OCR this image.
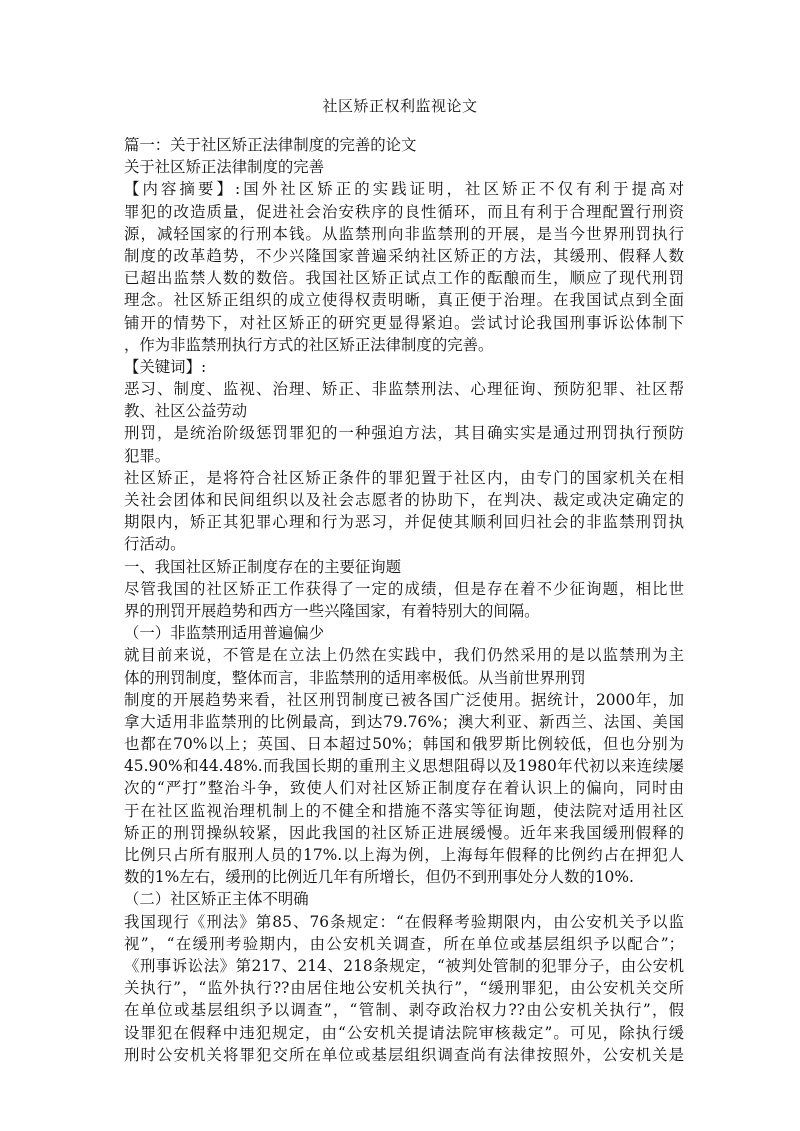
社区矫正权利监视论文
篇一：关于社区矫正法律制度的完善的论文
关于社区矫正法律制度的完善
【内容摘要】:国外社区矫正的实践证明，社区矫正不仅有利于提高对
罪犯的改造质量，促进社会治安秩序的良性循环，而且有利于合理配置行刑资
源，减轻国家的行刑本钱。从监禁刑向非监禁刑的开展，是当今世界刑罚执行
制度的改革趋势，不少兴隆国家普遍采纳社区矫正的方法，其缓刑、假释人数
已超出监禁人数的数倍。我国社区矫正试点工作的酝酿而生，顺应了现代刑罚
理念。社区矫正组织的成立使得权责明晰，真正便于治理。在我国试点到全面
铺开的情势下，对社区矫正的研究更显得紧迫。尝试讨论我国刑事诉讼体制下
，作为非监禁刑执行方式的社区矫正法律制度的完善。
【关键词】:
恶习、制度、监视、治理、矫正、非监禁刑法、心理征询、预防犯罪、社区帮
教、社区公益劳动
刑罚，是统治阶级惩罚罪犯的一种强迫方法，其目确实实是通过刑罚执行预防
犯罪。
社区矫正，是将符合社区矫正条件的罪犯置于社区内，由专门的国家机关在相
关社会团体和民间组织以及社会志愿者的协助下，在判决、裁定或决定确定的
期限内，矫正其犯罪心理和行为恶习，并促使其顺利回归社会的非监禁刑罚执
行活动。
一、我国社区矫正制度存在的主要征询题
尽管我国的社区矫正工作获得了一定的成绩，但是存在着不少征询题，相比世
界的刑罚开展趋势和西方一些兴隆国家，有着特别大的间隔。
（一）非监禁刑适用普遍偏少
就目前来说，不管是在立法上仍然在实践中，我们仍然采用的是以监禁刑为主
体的刑罚制度，整体而言，非监禁刑的适用率极低。从当前世界刑罚
制度的开展趋势来看，社区刑罚制度已被各国广泛使用。据统计，2000年，加
拿大适用非监禁刑的比例最高，到达79.76%；澳大利亚、新西兰、法国、美国
也都在70%以上；英国、日本超过50%；韩国和俄罗斯比例较低，但也分别为
45.90%和44.48%.而我国长期的重刑主义思想阻碍以及1980年代初以来连续屡
次的“严打”整治斗争，致使人们对社区矫正制度存在着认识上的偏向，同时由
于在社区监视治理机制上的不健全和措施不落实等征询题，使法院对适用社区
矫正的刑罚操纵较紧，因此我国的社区矫正进展缓慢。近年来我国缓刑假释的
比例只占所有服刑人员的17%.以上海为例，上海每年假释的比例约占在押犯人
数的1%左右，缓刑的比例近几年有所增长，但仍不到刑事处分人数的10%.
（二）社区矫正主体不明确
我国现行《刑法》第85、76条规定：“在假释考验期限内，由公安机关予以监
视”，“在缓刑考验期内，由公安机关调查，所在单位或基层组织予以配合”；
《刑事诉讼法》第217、214、218条规定，“被判处管制的犯罪分子，由公安机
关执行”，“监外执行??由居住地公安机关执行”，“缓刑罪犯，由公安机关交所
在单位或基层组织予以调查”，“管制、剥夺政治权力??由公安机关执行”，假
设罪犯在假释中违犯规定，由“公安机关提请法院审核裁定”。可见，除执行缓
刑时公安机关将罪犯交所在单位或基层组织调查尚有法律按照外，公安机关是
